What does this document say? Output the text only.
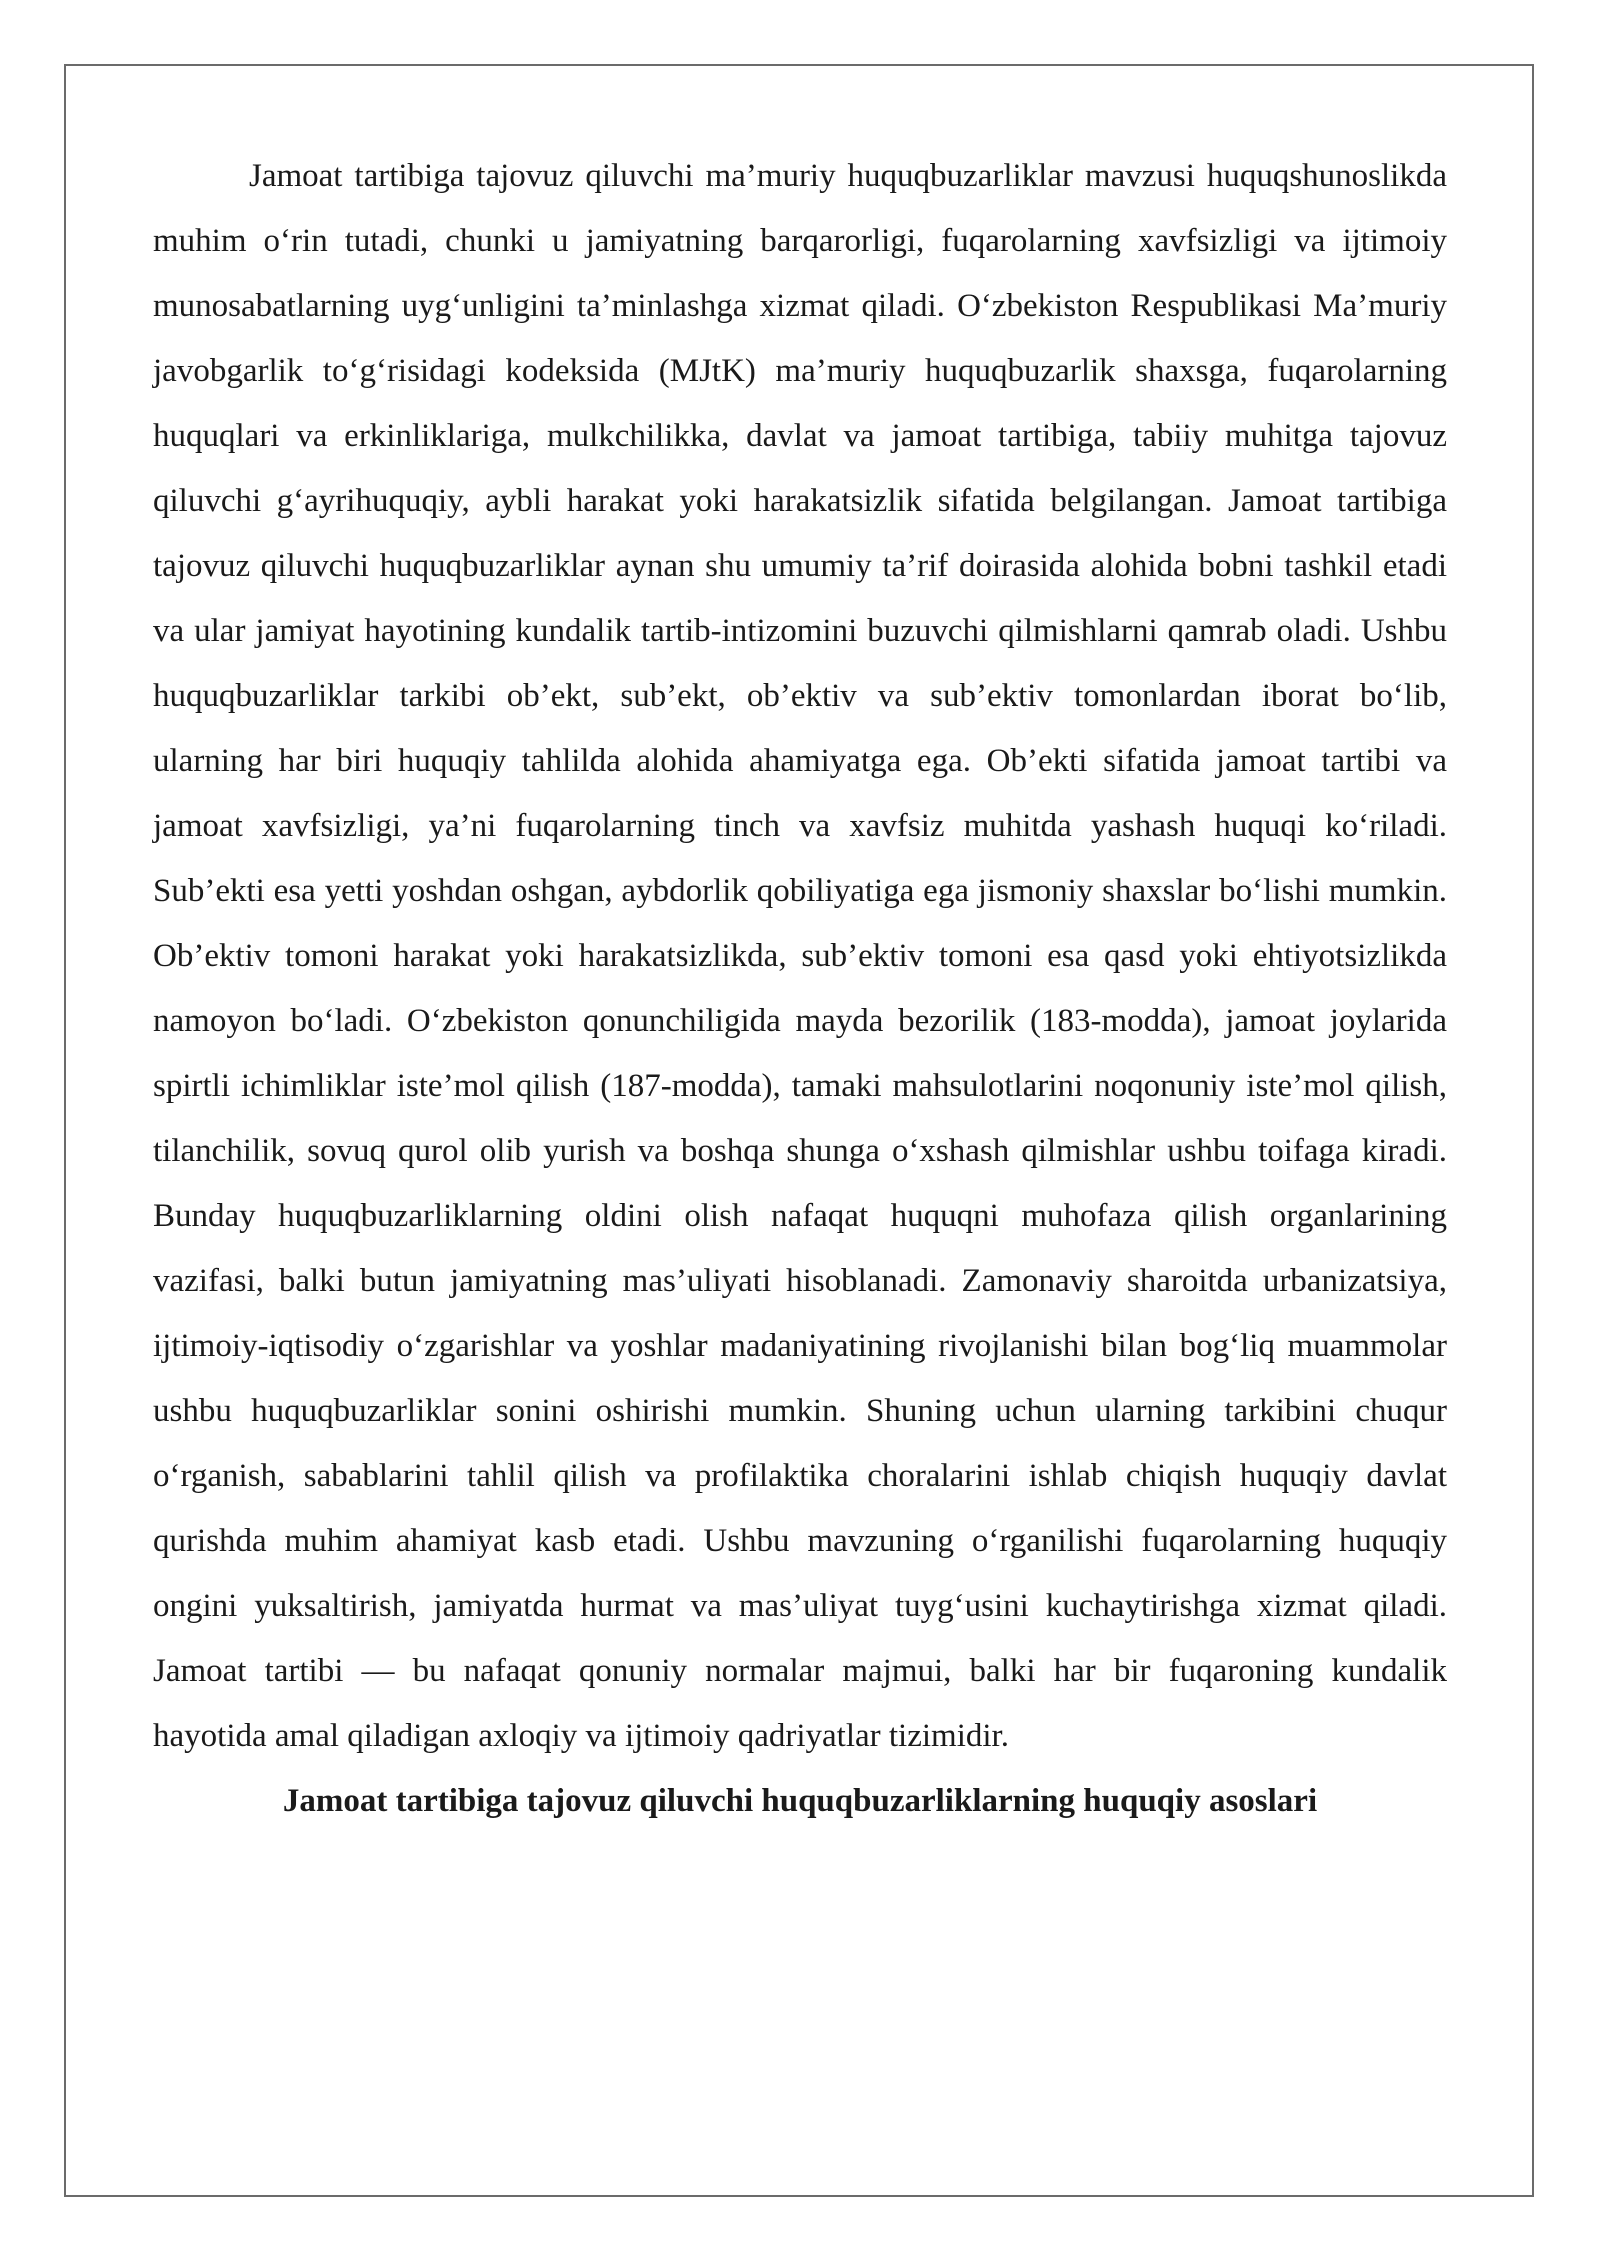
Jamoat tartibiga tajovuz qiluvchi ma’muriy huquqbuzarliklar mavzusi huquqshunoslikda muhim o‘rin tutadi, chunki u jamiyatning barqarorligi, fuqarolarning xavfsizligi va ijtimoiy munosabatlarning uyg‘unligini ta’minlashga xizmat qiladi. O‘zbekiston Respublikasi Ma’muriy javobgarlik to‘g‘risidagi kodeksida (MJtK) ma’muriy huquqbuzarlik shaxsga, fuqarolarning huquqlari va erkinliklariga, mulkchilikka, davlat va jamoat tartibiga, tabiiy muhitga tajovuz qiluvchi g‘ayrihuquqiy, aybli harakat yoki harakatsizlik sifatida belgilangan. Jamoat tartibiga tajovuz qiluvchi huquqbuzarliklar aynan shu umumiy ta’rif doirasida alohida bobni tashkil etadi va ular jamiyat hayotining kundalik tartib-intizomini buzuvchi qilmishlarni qamrab oladi. Ushbu huquqbuzarliklar tarkibi ob’ekt, sub’ekt, ob’ektiv va sub’ektiv tomonlardan iborat bo‘lib, ularning har biri huquqiy tahlilda alohida ahamiyatga ega. Ob’ekti sifatida jamoat tartibi va jamoat xavfsizligi, ya’ni fuqarolarning tinch va xavfsiz muhitda yashash huquqi ko‘riladi. Sub’ekti esa yetti yoshdan oshgan, aybdorlik qobiliyatiga ega jismoniy shaxslar bo‘lishi mumkin. Ob’ektiv tomoni harakat yoki harakatsizlikda, sub’ektiv tomoni esa qasd yoki ehtiyotsizlikda namoyon bo‘ladi. O‘zbekiston qonunchiligida mayda bezorilik (183-modda), jamoat joylarida spirtli ichimliklar iste’mol qilish (187-modda), tamaki mahsulotlarini noqonuniy iste’mol qilish, tilanchilik, sovuq qurol olib yurish va boshqa shunga o‘xshash qilmishlar ushbu toifaga kiradi. Bunday huquqbuzarliklarning oldini olish nafaqat huquqni muhofaza qilish organlarining vazifasi, balki butun jamiyatning mas’uliyati hisoblanadi. Zamonaviy sharoitda urbanizatsiya, ijtimoiy-iqtisodiy o‘zgarishlar va yoshlar madaniyatining rivojlanishi bilan bog‘liq muammolar ushbu huquqbuzarliklar sonini oshirishi mumkin. Shuning uchun ularning tarkibini chuqur o‘rganish, sabablarini tahlil qilish va profilaktika choralarini ishlab chiqish huquqiy davlat qurishda muhim ahamiyat kasb etadi. Ushbu mavzuning o‘rganilishi fuqarolarning huquqiy ongini yuksaltirish, jamiyatda hurmat va mas’uliyat tuyg‘usini kuchaytirishga xizmat qiladi. Jamoat tartibi — bu nafaqat qonuniy normalar majmui, balki har bir fuqaroning kundalik hayotida amal qiladigan axloqiy va ijtimoiy qadriyatlar tizimidir.

Jamoat tartibiga tajovuz qiluvchi huquqbuzarliklarning huquqiy asoslari
